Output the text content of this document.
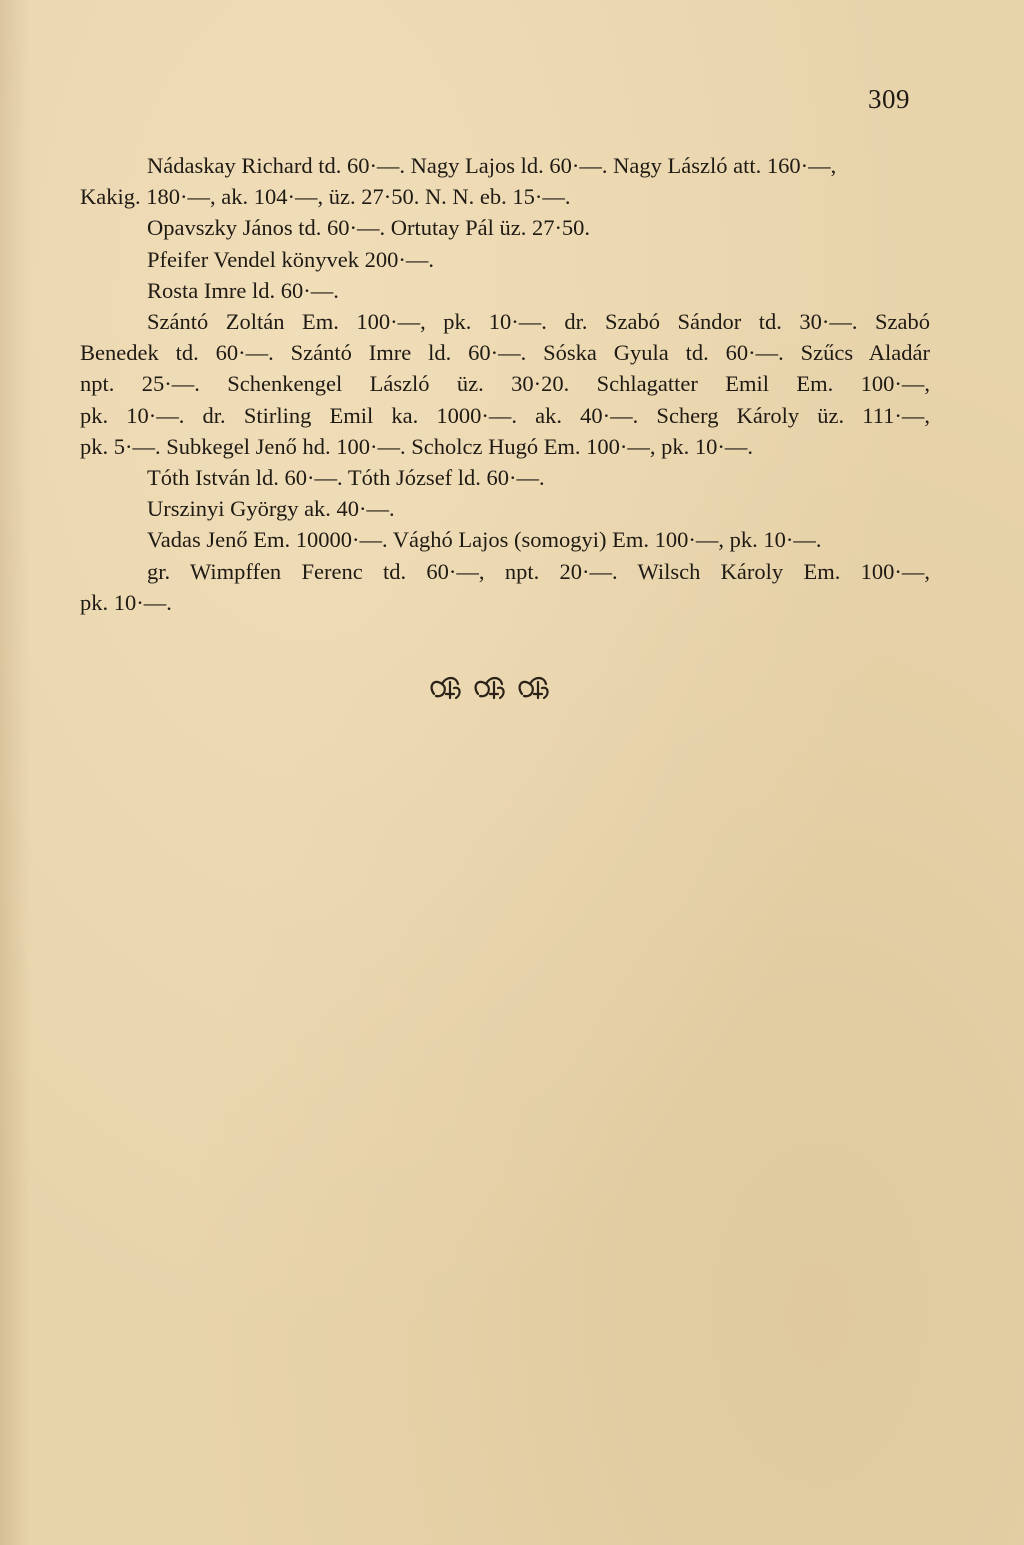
309
Nádaskay Richard td. 60·—. Nagy Lajos ld. 60·—. Nagy László att. 160·—,
Kakig. 180·—, ak. 104·—, üz. 27·50. N. N. eb. 15·—.
Opavszky János td. 60·—. Ortutay Pál üz. 27·50.
Pfeifer Vendel könyvek 200·—.
Rosta Imre ld. 60·—.
Szántó Zoltán Em. 100·—, pk. 10·—. dr. Szabó Sándor td. 30·—. Szabó
Benedek td. 60·—. Szántó Imre ld. 60·—. Sóska Gyula td. 60·—. Szűcs Aladár
npt. 25·—. Schenkengel László üz. 30·20. Schlagatter Emil Em. 100·—,
pk. 10·—. dr. Stirling Emil ka. 1000·—. ak. 40·—. Scherg Károly üz. 111·—,
pk. 5·—. Subkegel Jenő hd. 100·—. Scholcz Hugó Em. 100·—, pk. 10·—.
Tóth István ld. 60·—. Tóth József ld. 60·—.
Urszinyi György ak. 40·—.
Vadas Jenő Em. 10000·—. Vághó Lajos (somogyi) Em. 100·—, pk. 10·—.
gr. Wimpffen Ferenc td. 60·—, npt. 20·—. Wilsch Károly Em. 100·—,
pk. 10·—.
